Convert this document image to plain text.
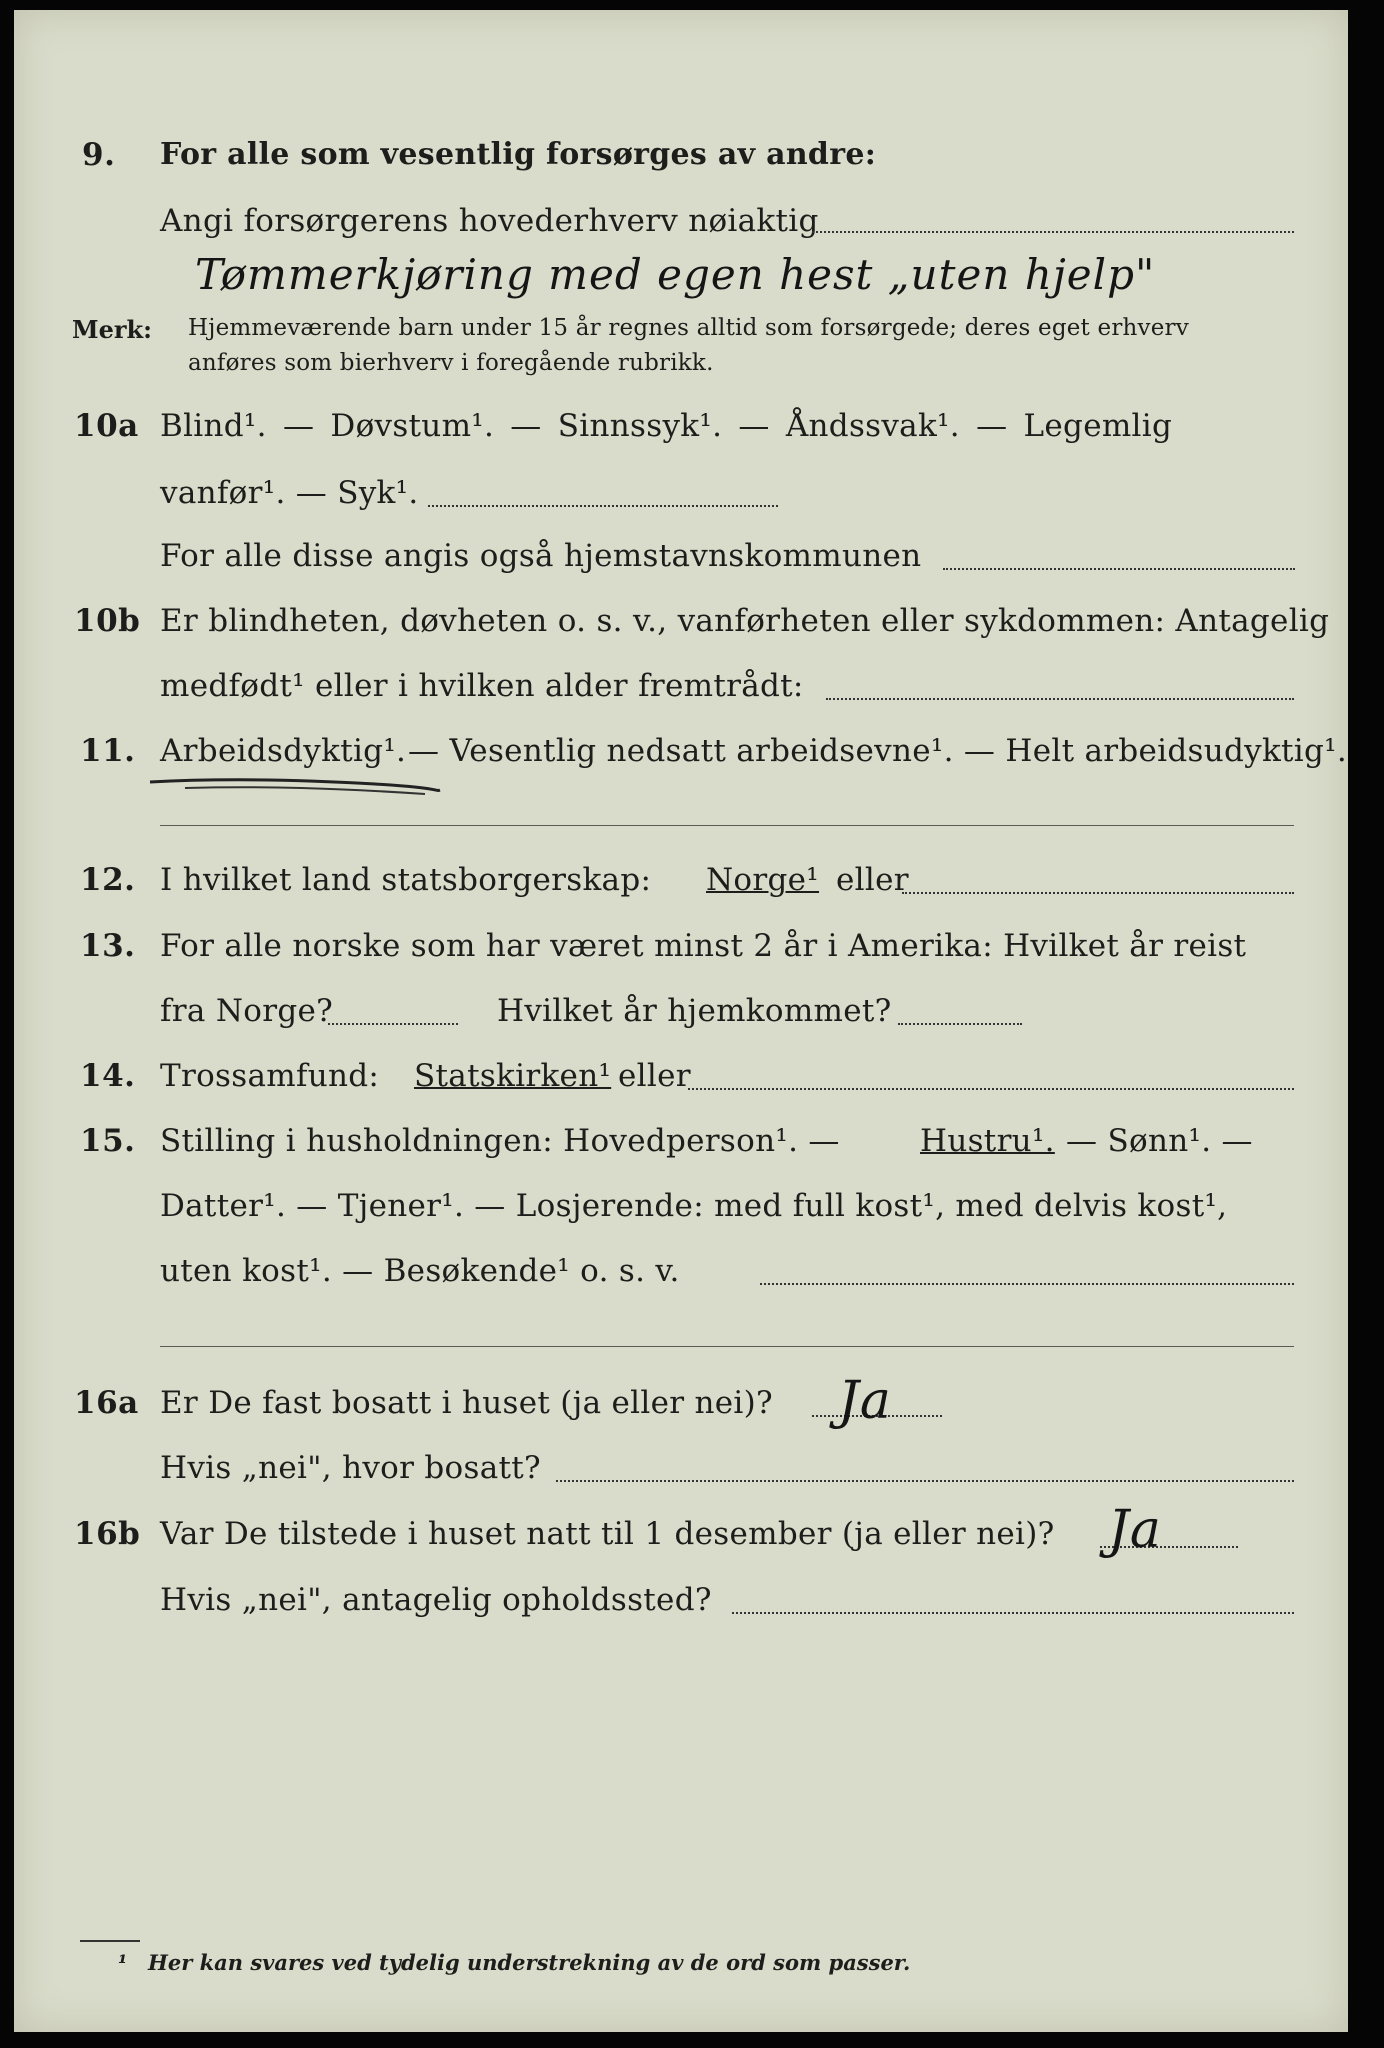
9. For alle som vesentlig forsørges av andre:
Angi forsørgerens hovederhverv nøiaktig
Tømmerkjøring med egen hest „uten hjelp"
Merk: Hjemmeværende barn under 15 år regnes alltid som forsørgede; deres eget erhverv
anføres som bierhverv i foregående rubrikk.
10a Blind¹. — Døvstum¹. — Sinnssyk¹. — Åndssvak¹. — Legemlig
vanfør¹. — Syk¹.
For alle disse angis også hjemstavnskommunen
10b Er blindheten, døvheten o. s. v., vanførheten eller sykdommen: Antagelig
medfødt¹ eller i hvilken alder fremtrådt:
11. Arbeidsdyktig¹. — Vesentlig nedsatt arbeidsevne¹. — Helt arbeidsudyktig¹.
12. I hvilket land statsborgerskap: Norge¹ eller
13. For alle norske som har været minst 2 år i Amerika: Hvilket år reist
fra Norge?	Hvilket år hjemkommet?
14. Trossamfund: Statskirken¹ eller
15. Stilling i husholdningen: Hovedperson¹. —	Hustru¹. — Sønn¹. —
Datter¹. — Tjener¹. — Losjerende: med full kost¹, med delvis kost¹,
uten kost¹. — Besøkende¹ o. s. v.
16a Er De fast bosatt i huset (ja eller nei)? Ja
Hvis „nei", hvor bosatt?
16b Var De tilstede i huset natt til 1 desember (ja eller nei)? Ja
Hvis „nei", antagelig opholdssted?
¹ Her kan svares ved tydelig understrekning av de ord som passer.
